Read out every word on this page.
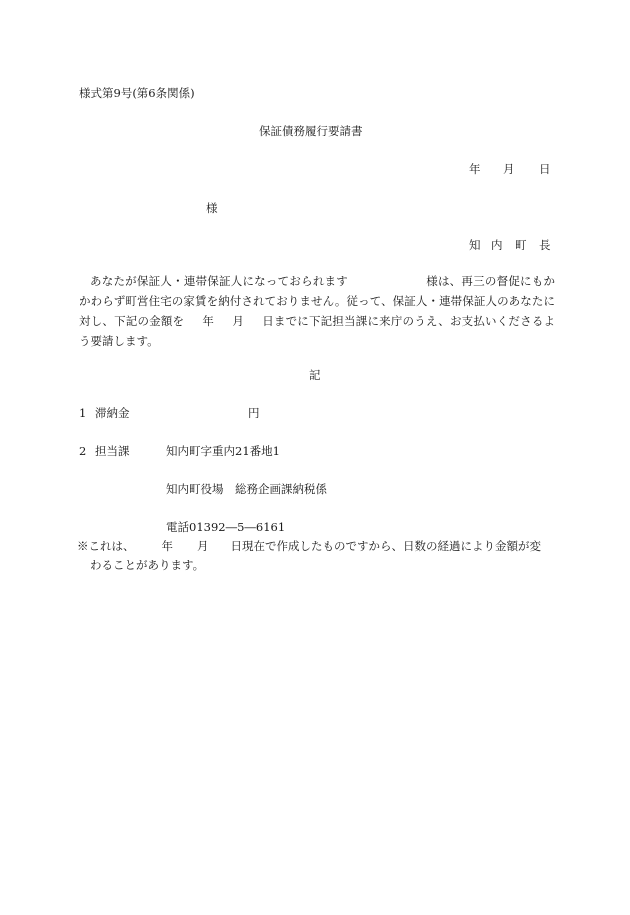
様式第9号(第6条関係)
保証債務履行要請書
年 月 日
様
知 内 町 長
あなたが保証人・連帯保証人になっておられます	様は、再三の督促にもかかわらず町営住宅の家賃を納付されておりません。従って、保証人・連帯保証人のあなたに対し、下記の金額を 年 月 日までに下記担当課に来庁のうえ、お支払いくださるよう要請します。
記
1 滞納金	円
2 担当課	知内町字重内21番地1
知内町役場　総務企画課納税係
電話01392―5―6161
※これは、 年 月 日現在で作成したものですから、日数の経過により金額が変
わることがあります。
